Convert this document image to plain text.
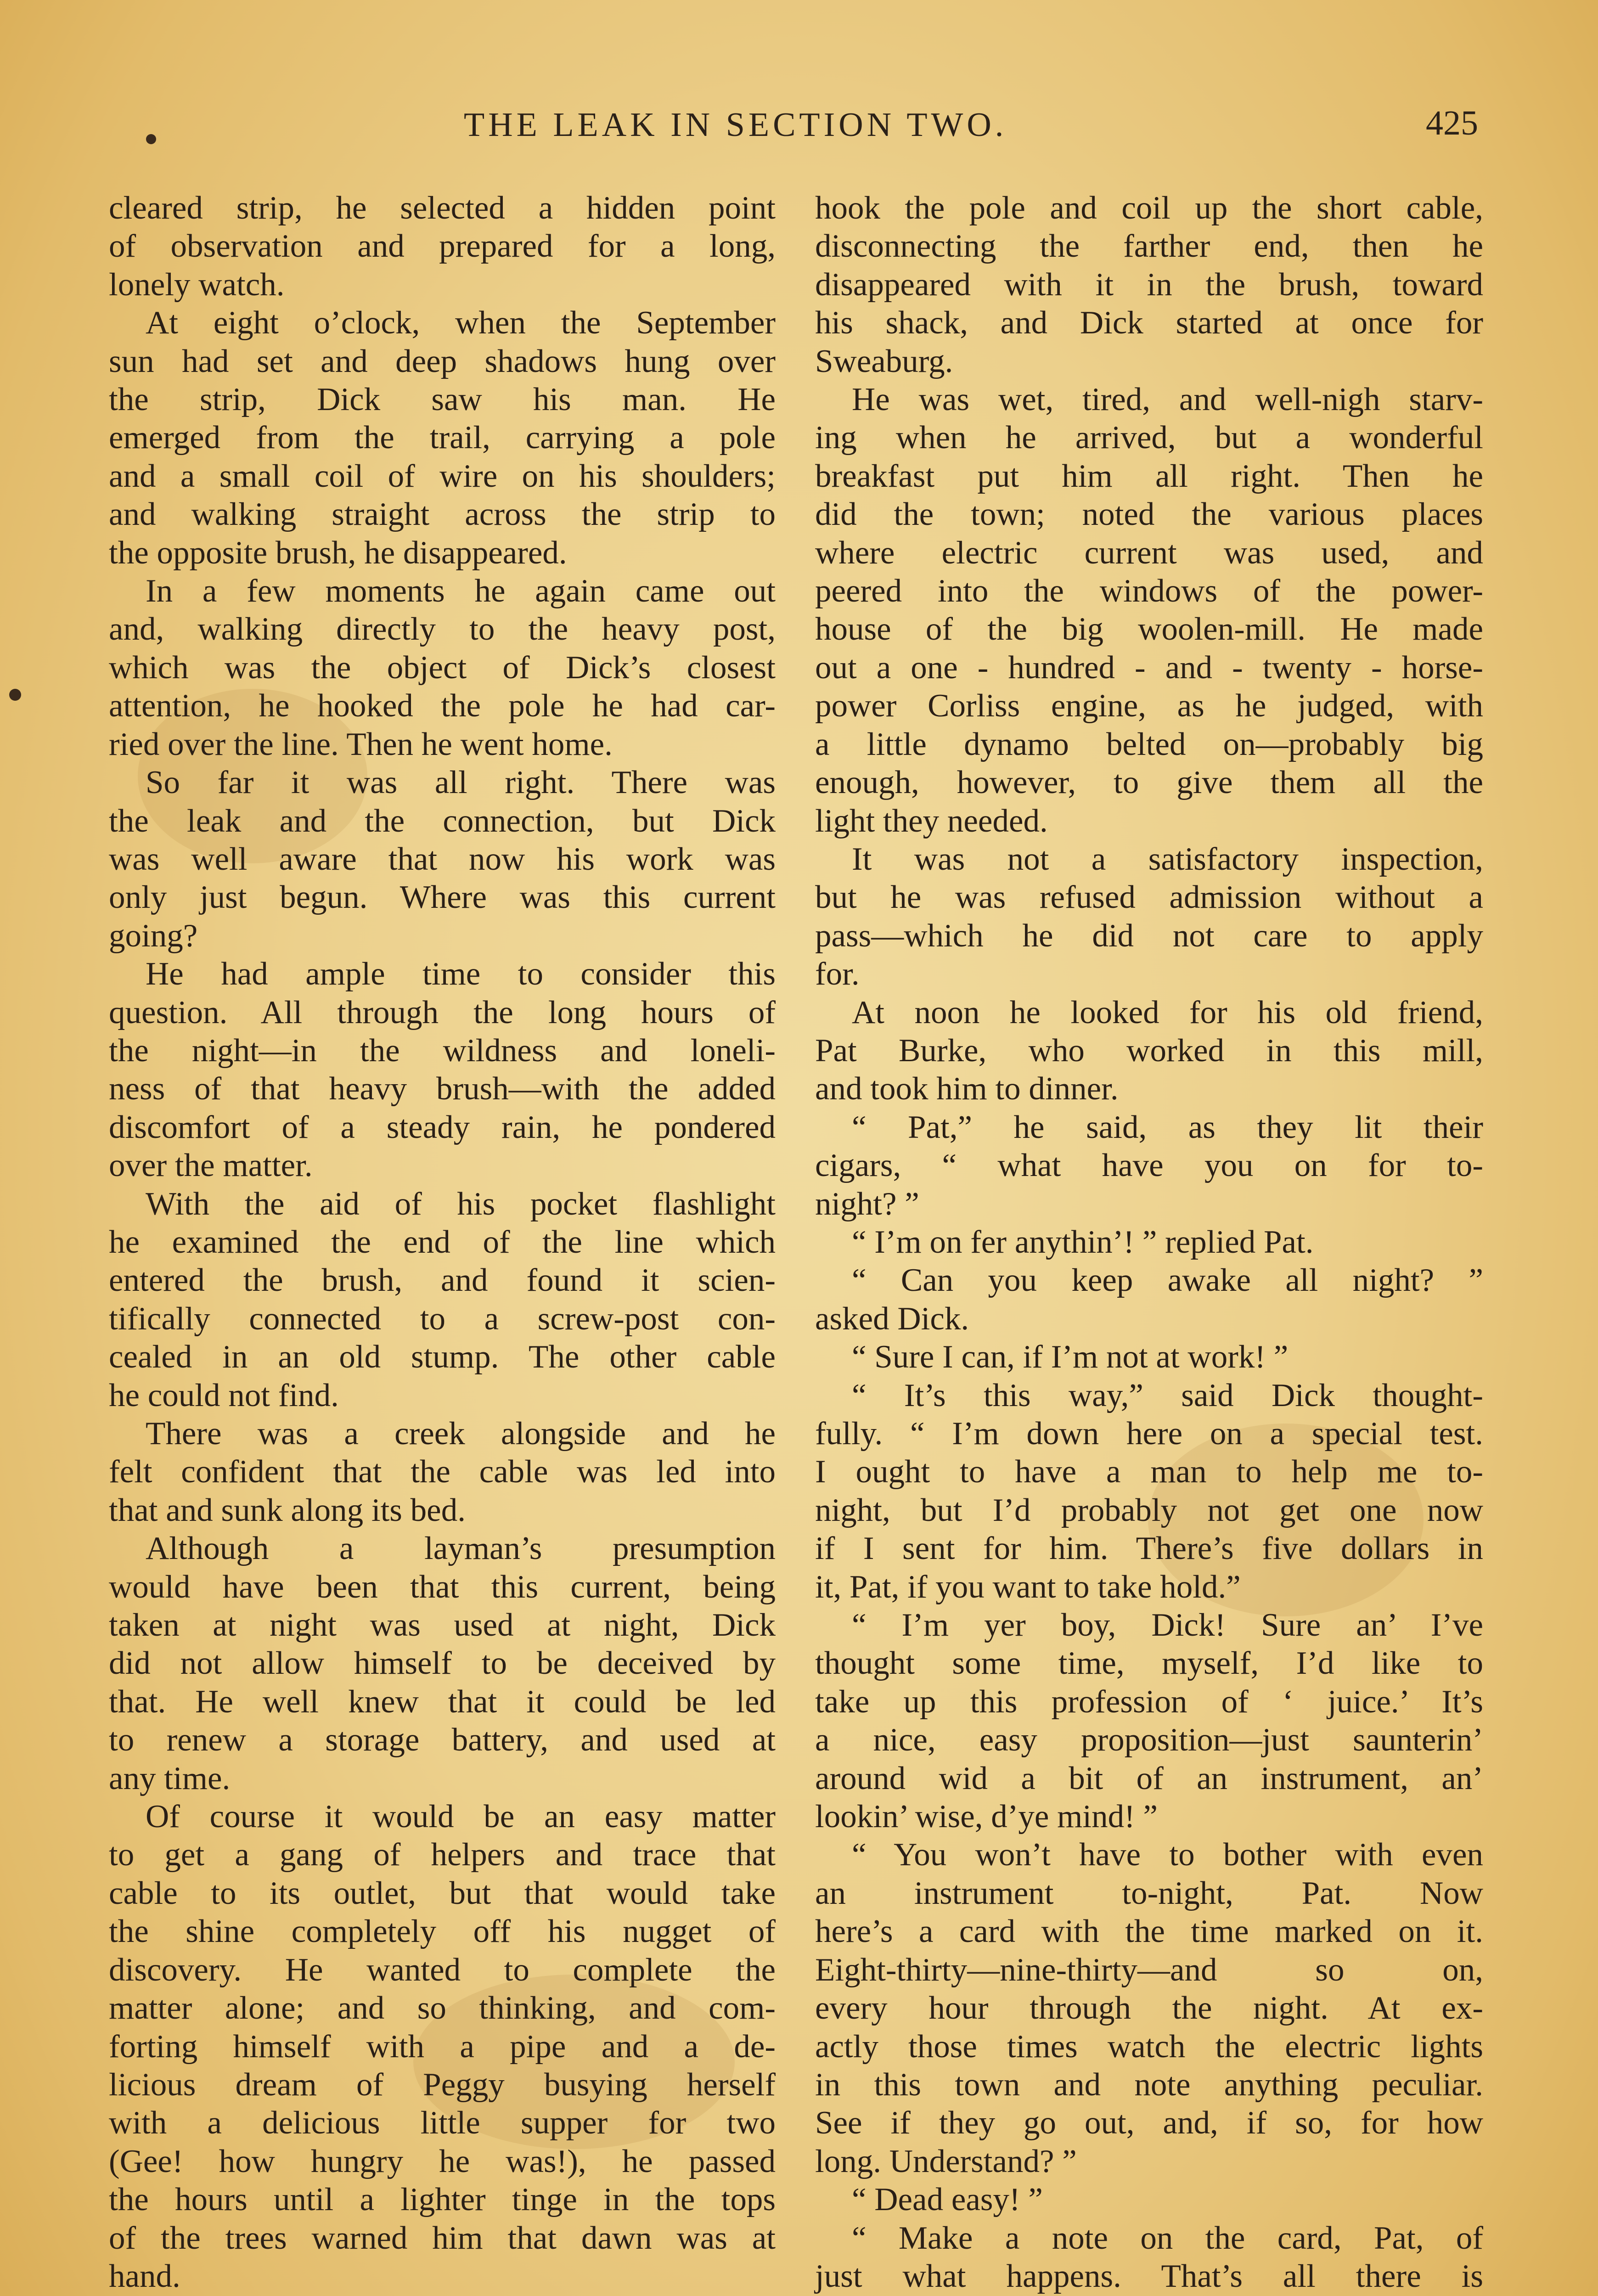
THE LEAK IN SECTION TWO.	425
cleared strip, he selected a hidden point
of observation and prepared for a long,
lonely watch.
At eight o’clock, when the September
sun had set and deep shadows hung over
the strip, Dick saw his man. He
emerged from the trail, carrying a pole
and a small coil of wire on his shoulders;
and walking straight across the strip to
the opposite brush, he disappeared.
In a few moments he again came out
and, walking directly to the heavy post,
which was the object of Dick’s closest
attention, he hooked the pole he had car-
ried over the line. Then he went home.
So far it was all right. There was
the leak and the connection, but Dick
was well aware that now his work was
only just begun. Where was this current
going?
He had ample time to consider this
question. All through the long hours of
the night—in the wildness and loneli-
ness of that heavy brush—with the added
discomfort of a steady rain, he pondered
over the matter.
With the aid of his pocket flashlight
he examined the end of the line which
entered the brush, and found it scien-
tifically connected to a screw-post con-
cealed in an old stump. The other cable
he could not find.
There was a creek alongside and he
felt confident that the cable was led into
that and sunk along its bed.
Although a layman’s presumption
would have been that this current, being
taken at night was used at night, Dick
did not allow himself to be deceived by
that. He well knew that it could be led
to renew a storage battery, and used at
any time.
Of course it would be an easy matter
to get a gang of helpers and trace that
cable to its outlet, but that would take
the shine completely off his nugget of
discovery. He wanted to complete the
matter alone; and so thinking, and com-
forting himself with a pipe and a de-
licious dream of Peggy busying herself
with a delicious little supper for two
(Gee! how hungry he was!), he passed
the hours until a lighter tinge in the tops
of the trees warned him that dawn was at
hand.
hook the pole and coil up the short cable,
disconnecting the farther end, then he
disappeared with it in the brush, toward
his shack, and Dick started at once for
Sweaburg.
He was wet, tired, and well-nigh starv-
ing when he arrived, but a wonderful
breakfast put him all right. Then he
did the town; noted the various places
where electric current was used, and
peered into the windows of the power-
house of the big woolen-mill. He made
out a one - hundred - and - twenty - horse-
power Corliss engine, as he judged, with
a little dynamo belted on—probably big
enough, however, to give them all the
light they needed.
It was not a satisfactory inspection,
but he was refused admission without a
pass—which he did not care to apply
for.
At noon he looked for his old friend,
Pat Burke, who worked in this mill,
and took him to dinner.
“ Pat,” he said, as they lit their
cigars, “ what have you on for to-
night? ”
“ I’m on fer anythin’! ” replied Pat.
“ Can you keep awake all night? ”
asked Dick.
“ Sure I can, if I’m not at work! ”
“ It’s this way,” said Dick thought-
fully. “ I’m down here on a special test.
I ought to have a man to help me to-
night, but I’d probably not get one now
if I sent for him. There’s five dollars in
it, Pat, if you want to take hold.”
“ I’m yer boy, Dick! Sure an’ I’ve
thought some time, myself, I’d like to
take up this profession of ‘ juice.’ It’s
a nice, easy proposition—just saunterin’
around wid a bit of an instrument, an’
lookin’ wise, d’ye mind! ”
“ You won’t have to bother with even
an instrument to-night, Pat. Now
here’s a card with the time marked on it.
Eight-thirty—nine-thirty—and so on,
every hour through the night. At ex-
actly those times watch the electric lights
in this town and note anything peculiar.
See if they go out, and, if so, for how
long. Understand? ”
“ Dead easy! ”
“ Make a note on the card, Pat, of
just what happens. That’s all there is
